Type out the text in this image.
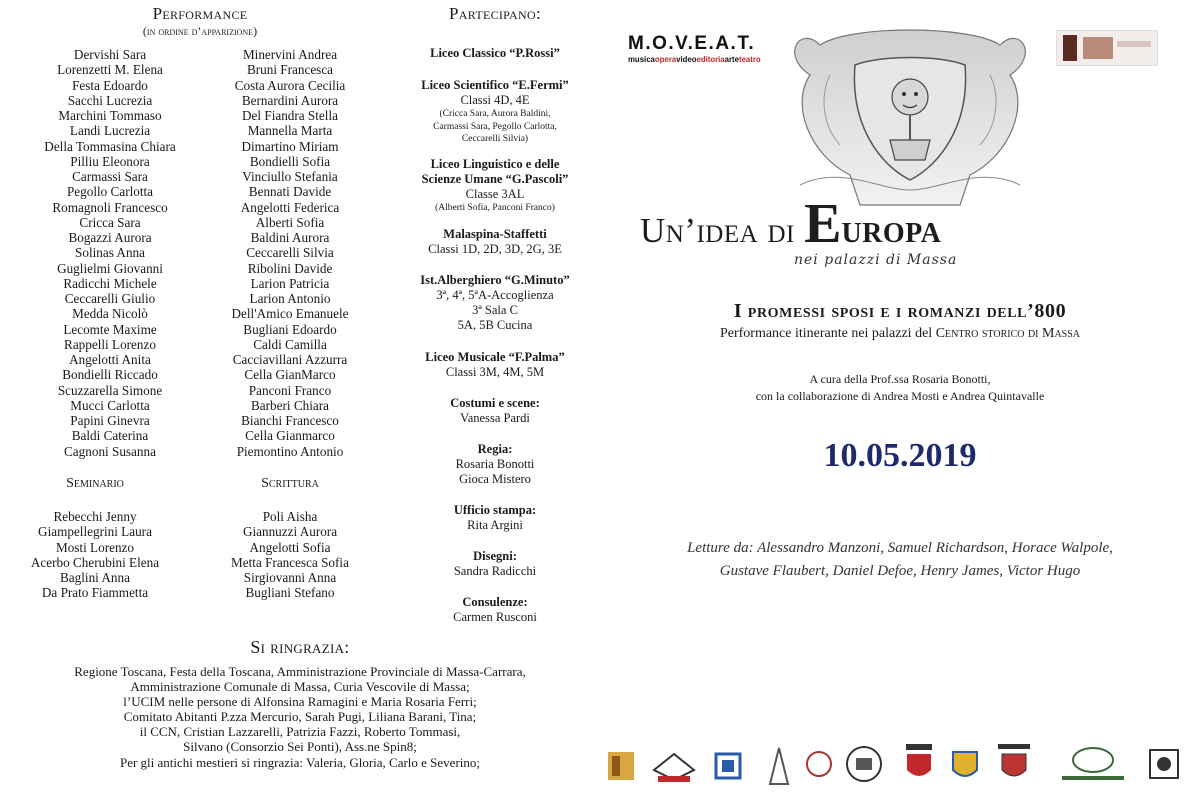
Performance
(in ordine d’apparizione)
Dervishi Sara
Lorenzetti M. Elena
Festa Edoardo
Sacchi Lucrezia
Marchini Tommaso
Landi Lucrezia
Della Tommasina Chiara
Pilliu Eleonora
Carmassi Sara
Pegollo Carlotta
Romagnoli Francesco
Cricca Sara
Bogazzi Aurora
Solinas Anna
Guglielmi Giovanni
Radicchi Michele
Ceccarelli Giulio
Medda Nicolò
Lecomte Maxime
Rappelli Lorenzo
Angelotti Anita
Bondielli Riccado
Scuzzarella Simone
Mucci Carlotta
Papini Ginevra
Baldi Caterina
Cagnoni Susanna
Minervini Andrea
Bruni Francesca
Costa Aurora Cecilia
Bernardini Aurora
Del Fiandra Stella
Mannella Marta
Dimartino Miriam
Bondielli Sofia
Vinciullo Stefania
Bennati Davide
Angelotti Federica
Alberti Sofia
Baldini Aurora
Ceccarelli Silvia
Ribolini Davide
Larion Patricia
Larion Antonio
Dell'Amico Emanuele
Bugliani Edoardo
Caldi Camilla
Cacciavillani Azzurra
Cella GianMarco
Panconi Franco
Barberi Chiara
Bianchi Francesco
Cella Gianmarco
Piemontino Antonio
Seminario
Rebecchi Jenny
Giampellegrini Laura
Mosti Lorenzo
Acerbo Cherubini Elena
Baglini Anna
Da Prato Fiammetta
Scrittura
Poli Aisha
Giannuzzi Aurora
Angelotti Sofia
Metta Francesca Sofia
Sirgiovanni Anna
Bugliani Stefano
Partecipano:
Liceo Classico “P.Rossi”
Liceo Scientifico “E.Fermi”
Classi 4D, 4E
(Cricca Sara, Aurora Baldini,
Carmassi Sara, Pegollo Carlotta,
Ceccarelli Silvia)
Liceo Linguistico e delle
Scienze Umane “G.Pascoli”
Classe 3AL
(Alberti Sofia, Panconi Franco)
Malaspina-Staffetti
Classi 1D, 2D, 3D, 2G, 3E
Ist.Alberghiero “G.Minuto”
3ª, 4ª, 5ªA-Accoglienza
3ª Sala C
5A, 5B Cucina
Liceo Musicale “F.Palma”
Classi 3M, 4M, 5M
Costumi e scene:
Vanessa Pardi
Regia:
Rosaria Bonotti
Gioca Mistero
Ufficio stampa:
Rita Argini
Disegni:
Sandra Radicchi
Consulenze:
Carmen Rusconi
Si ringrazia:
Regione Toscana, Festa della Toscana, Amministrazione Provinciale di Massa-Carrara,
Amministrazione Comunale di Massa, Curia Vescovile di Massa;
l’UCIM nelle persone di Alfonsina Ramagini e Maria Rosaria Ferri;
Comitato Abitanti P.zza Mercurio, Sarah Pugi, Liliana Barani, Tina;
il CCN, Cristian Lazzarelli, Patrizia Fazzi, Roberto Tommasi,
Silvano (Consorzio Sei Ponti), Ass.ne Spin8;
Per gli antichi mestieri si ringrazia: Valeria, Gloria, Carlo e Severino;
M.O.V.E.A.T.
musicaoperavideoeditoriaarteteatro
Un’idea di Europa
nei palazzi di Massa
I promessi sposi e i romanzi dell’800
Performance itinerante nei palazzi del Centro storico di Massa
A cura della Prof.ssa Rosaria Bonotti,
con la collaborazione di Andrea Mosti e Andrea Quintavalle
10.05.2019
Letture da: Alessandro Manzoni, Samuel Richardson, Horace Walpole,
Gustave Flaubert, Daniel Defoe, Henry James, Victor Hugo
